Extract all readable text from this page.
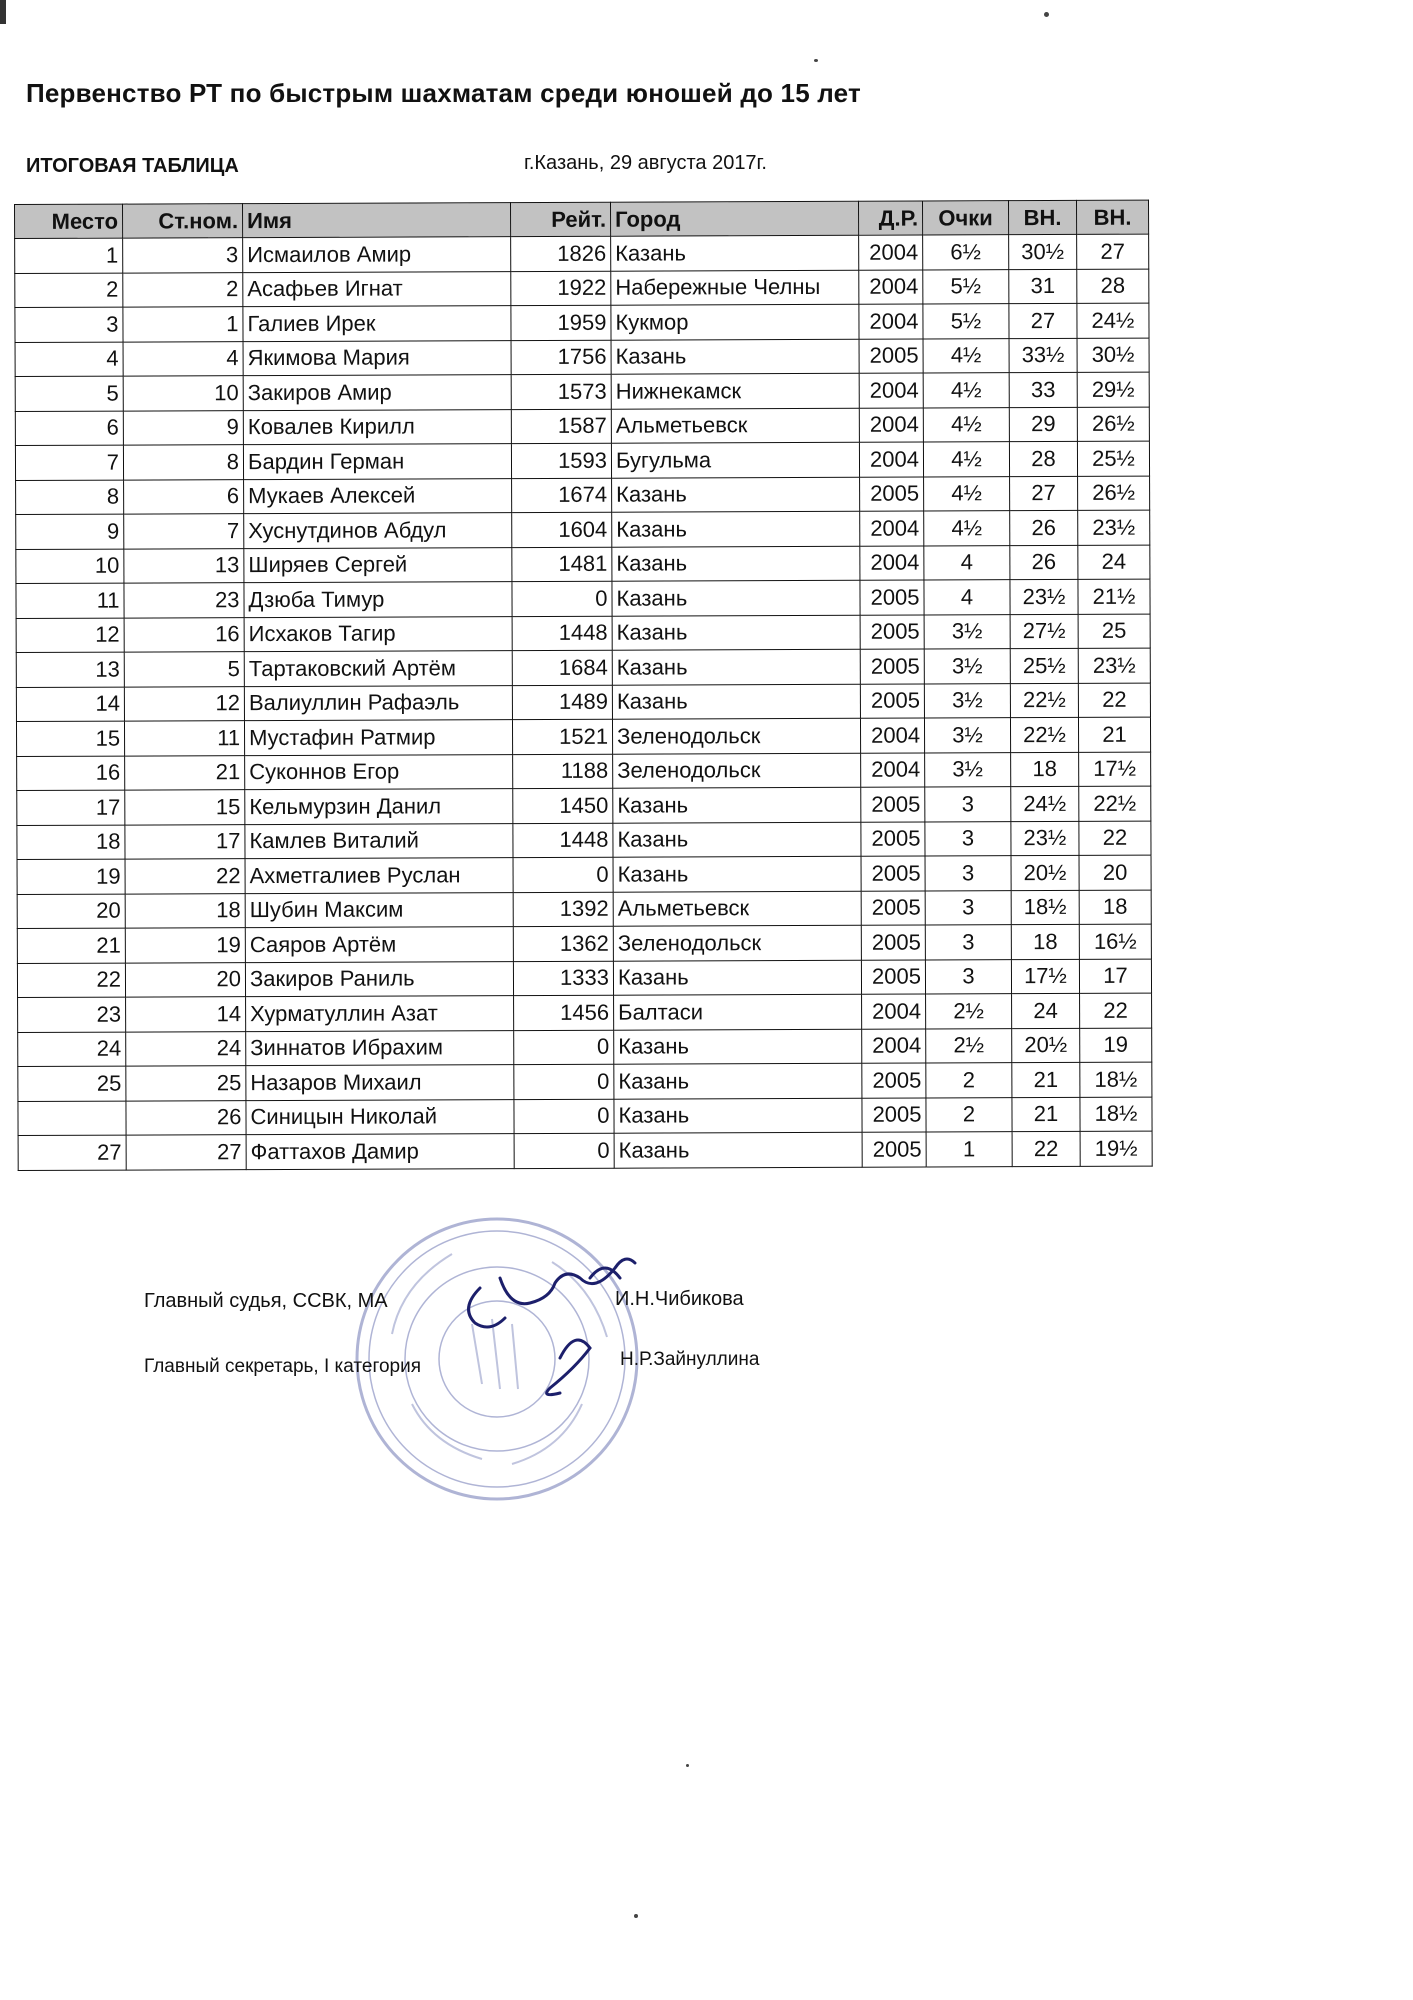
Первенство РТ по быстрым шахматам среди юношей до 15 лет
ИТОГОВАЯ ТАБЛИЦА	г.Казань, 29 августа 2017г.
Место	Ст.ном.	Имя	Рейт.	Город	Д.Р.	Очки	ВН.	ВН.
1	3	Исмаилов Амир	1826	Казань	2004	6½	30½	27
2	2	Асафьев Игнат	1922	Набережные Челны	2004	5½	31	28
3	1	Галиев Ирек	1959	Кукмор	2004	5½	27	24½
4	4	Якимова Мария	1756	Казань	2005	4½	33½	30½
5	10	Закиров Амир	1573	Нижнекамск	2004	4½	33	29½
6	9	Ковалев Кирилл	1587	Альметьевск	2004	4½	29	26½
7	8	Бардин Герман	1593	Бугульма	2004	4½	28	25½
8	6	Мукаев Алексей	1674	Казань	2005	4½	27	26½
9	7	Хуснутдинов Абдул	1604	Казань	2004	4½	26	23½
10	13	Ширяев Сергей	1481	Казань	2004	4	26	24
11	23	Дзюба Тимур	0	Казань	2005	4	23½	21½
12	16	Исхаков Тагир	1448	Казань	2005	3½	27½	25
13	5	Тартаковский Артём	1684	Казань	2005	3½	25½	23½
14	12	Валиуллин Рафаэль	1489	Казань	2005	3½	22½	22
15	11	Мустафин Ратмир	1521	Зеленодольск	2004	3½	22½	21
16	21	Суконнов Егор	1188	Зеленодольск	2004	3½	18	17½
17	15	Кельмурзин Данил	1450	Казань	2005	3	24½	22½
18	17	Камлев Виталий	1448	Казань	2005	3	23½	22
19	22	Ахметгалиев Руслан	0	Казань	2005	3	20½	20
20	18	Шубин Максим	1392	Альметьевск	2005	3	18½	18
21	19	Саяров Артём	1362	Зеленодольск	2005	3	18	16½
22	20	Закиров Раниль	1333	Казань	2005	3	17½	17
23	14	Хурматуллин Азат	1456	Балтаси	2004	2½	24	22
24	24	Зиннатов Ибрахим	0	Казань	2004	2½	20½	19
25	25	Назаров Михаил	0	Казань	2005	2	21	18½
	26	Синицын Николай	0	Казань	2005	2	21	18½
27	27	Фаттахов Дамир	0	Казань	2005	1	22	19½
Главный судья, ССВК, МА	И.Н.Чибикова
Главный секретарь, I категория	Н.Р.Зайнуллина
